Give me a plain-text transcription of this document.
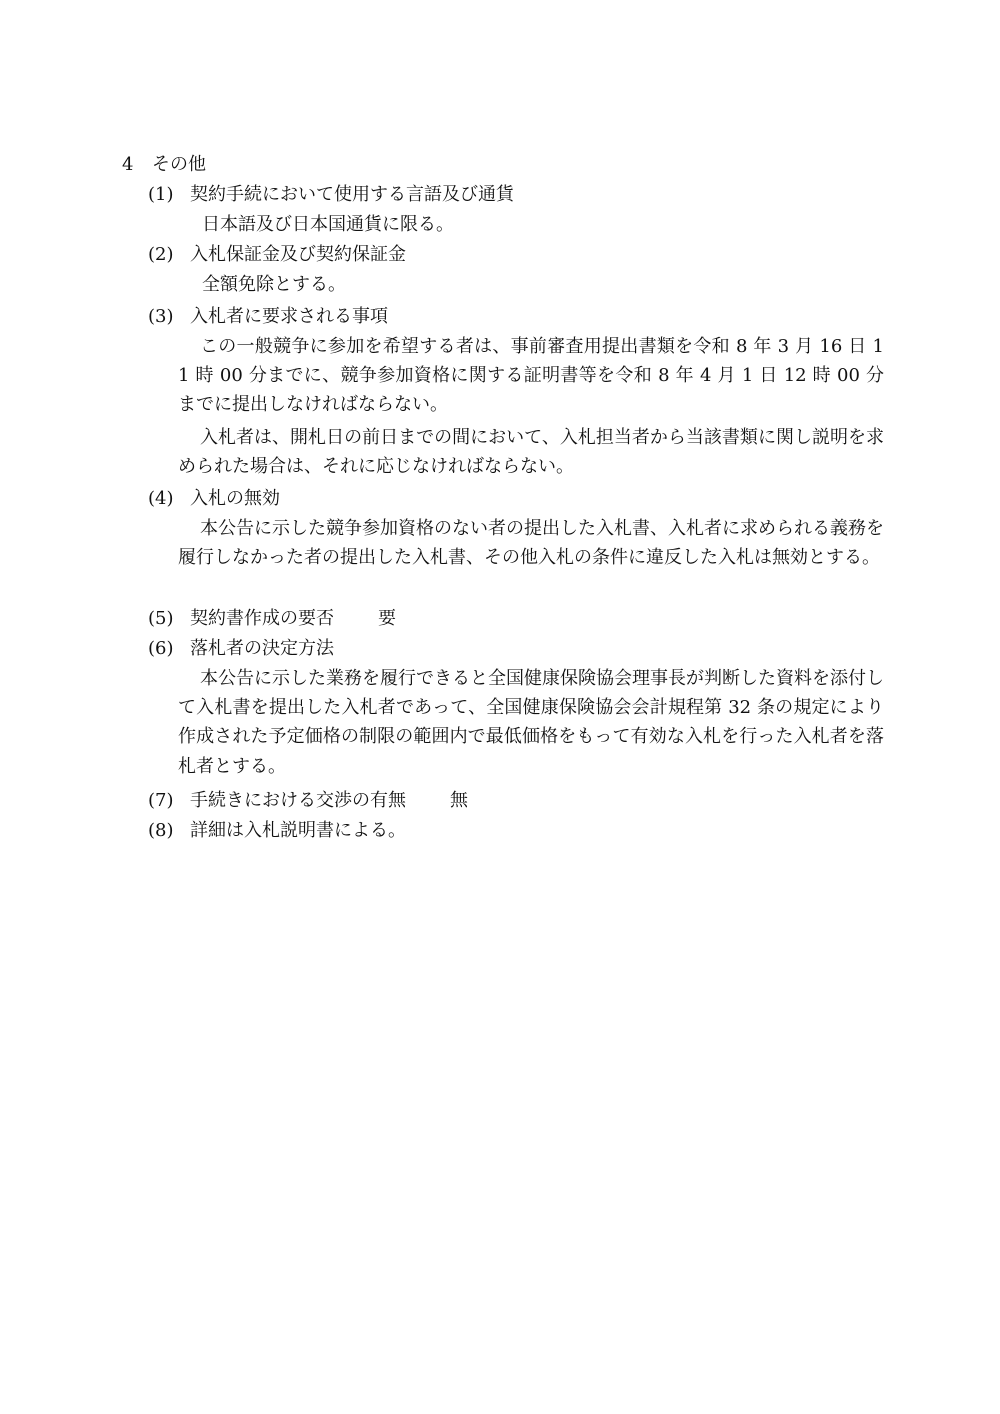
4 その他
(1) 契約手続において使用する言語及び通貨

日本語及び日本国通貨に限る。

(2) 入札保証金及び契約保証金

全額免除とする。

(3) 入札者に要求される事項

この一般競争に参加を希望する者は、事前審査用提出書類を令和 8 年 3 月 16 日 11 時 00 分までに、競争参加資格に関する証明書等を令和 8 年 4 月 1 日 12 時 00 分までに提出しなければならない。

入札者は、開札日の前日までの間において、入札担当者から当該書類に関し説明を求められた場合は、それに応じなければならない。

(4) 入札の無効

本公告に示した競争参加資格のない者の提出した入札書、入札者に求められる義務を履行しなかった者の提出した入札書、その他入札の条件に違反した入札は無効とする。

(5) 契約書作成の要否 要
(6) 落札者の決定方法

本公告に示した業務を履行できると全国健康保険協会理事長が判断した資料を添付して入札書を提出した入札者であって、全国健康保険協会会計規程第 32 条の規定により作成された予定価格の制限の範囲内で最低価格をもって有効な入札を行った入札者を落札者とする。

(7) 手続きにおける交渉の有無 無
(8) 詳細は入札説明書による。
